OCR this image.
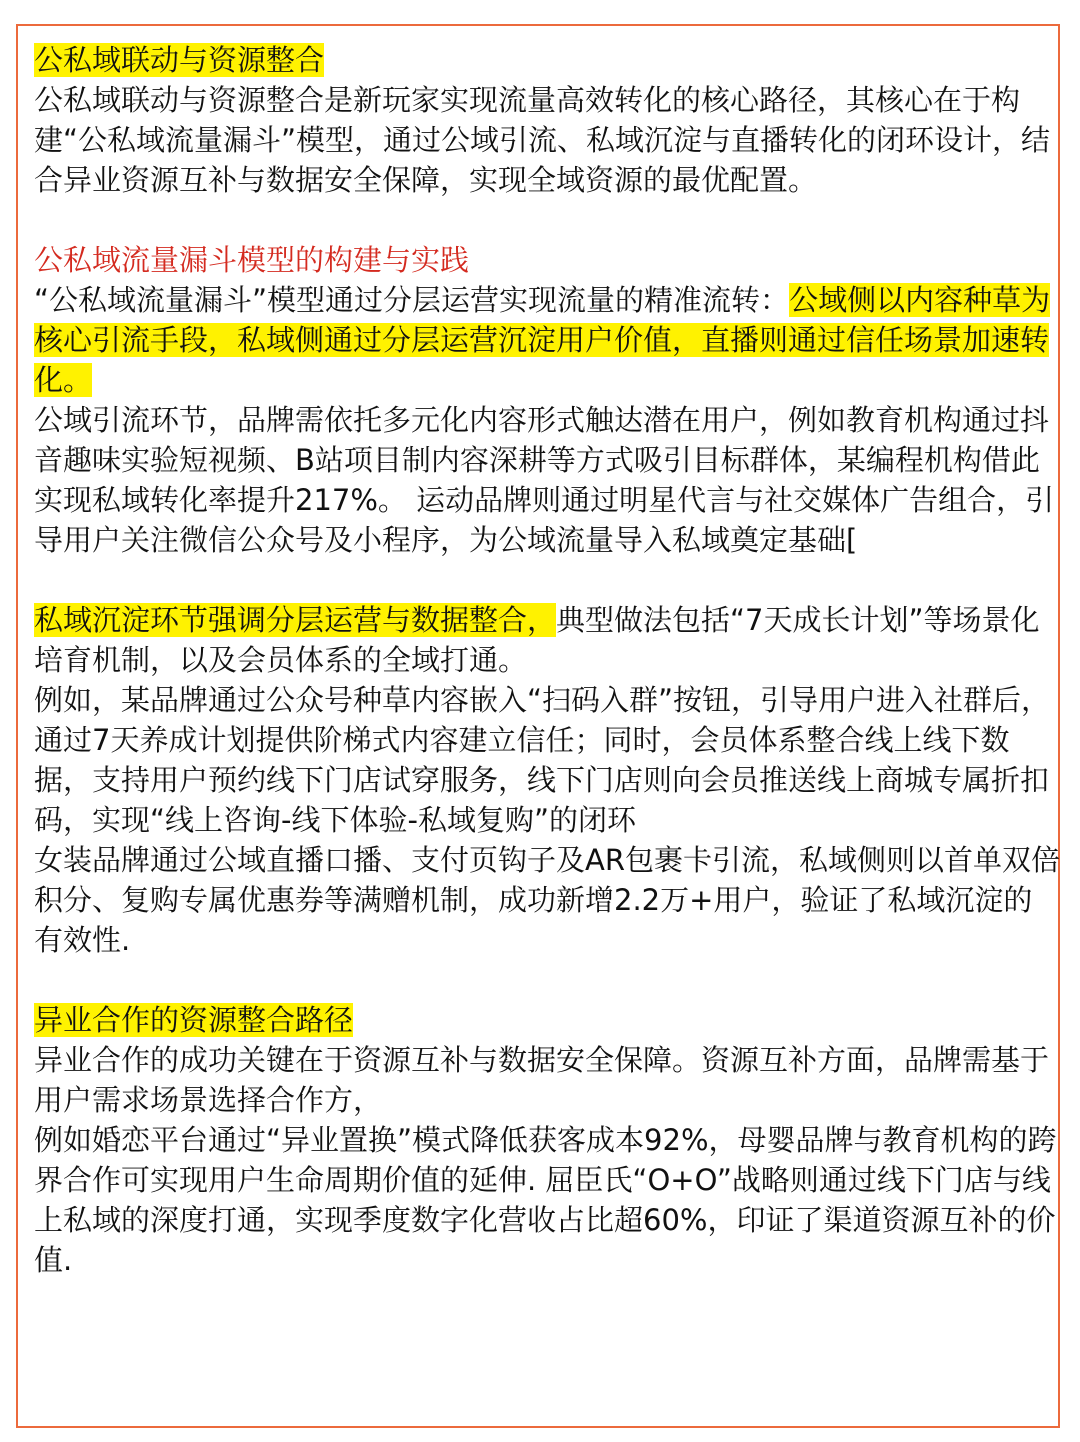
公私域联动与资源整合

公私域联动与资源整合是新玩家实现流量高效转化的核心路径，其核心在于构建“公私域流量漏斗”模型，通过公域引流、私域沉淀与直播转化的闭环设计，结合异业资源互补与数据安全保障，实现全域资源的最优配置。

公私域流量漏斗模型的构建与实践

“公私域流量漏斗”模型通过分层运营实现流量的精准流转：公域侧以内容种草为核心引流手段，私域侧通过分层运营沉淀用户价值，直播则通过信任场景加速转化。

公域引流环节，品牌需依托多元化内容形式触达潜在用户，例如教育机构通过抖音趣味实验短视频、B站项目制内容深耕等方式吸引目标群体，某编程机构借此实现私域转化率提升217%。 运动品牌则通过明星代言与社交媒体广告组合，引导用户关注微信公众号及小程序，为公域流量导入私域奠定基础[

私域沉淀环节强调分层运营与数据整合，典型做法包括“7天成长计划”等场景化培育机制，以及会员体系的全域打通。

例如，某品牌通过公众号种草内容嵌入“扫码入群”按钮，引导用户进入社群后，通过7天养成计划提供阶梯式内容建立信任；同时，会员体系整合线上线下数据，支持用户预约线下门店试穿服务，线下门店则向会员推送线上商城专属折扣码，实现“线上咨询-线下体验-私域复购”的闭环

女装品牌通过公域直播口播、支付页钩子及AR包裹卡引流，私域侧则以首单双倍积分、复购专属优惠券等满赠机制，成功新增2.2万+用户，验证了私域沉淀的有效性.

异业合作的资源整合路径

异业合作的成功关键在于资源互补与数据安全保障。资源互补方面，品牌需基于用户需求场景选择合作方，

例如婚恋平台通过“异业置换”模式降低获客成本92%，母婴品牌与教育机构的跨界合作可实现用户生命周期价值的延伸. 屈臣氏“O+O”战略则通过线下门店与线上私域的深度打通，实现季度数字化营收占比超60%，印证了渠道资源互补的价值.
